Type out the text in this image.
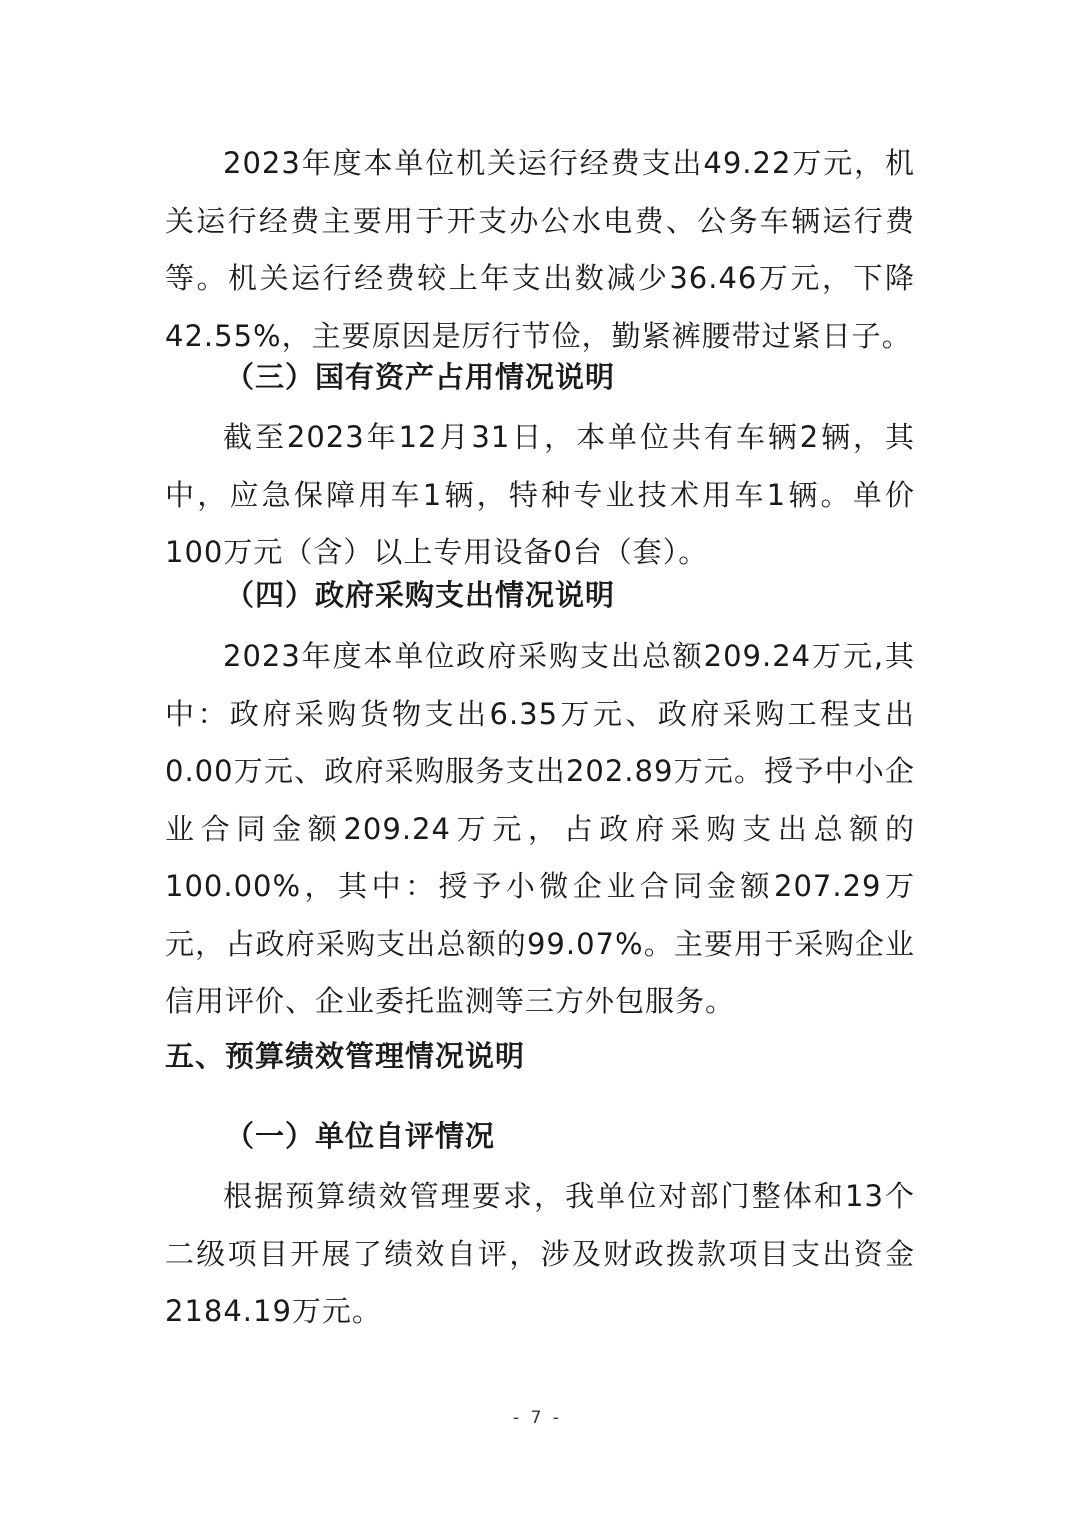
2023年度本单位机关运行经费支出49.22万元，机关运行经费主要用于开支办公水电费、公务车辆运行费等。机关运行经费较上年支出数减少36.46万元，下降42.55%，主要原因是厉行节俭，勤紧裤腰带过紧日子。

（三）国有资产占用情况说明

截至2023年12月31日，本单位共有车辆2辆，其中，应急保障用车1辆，特种专业技术用车1辆。单价100万元（含）以上专用设备0台（套）。

（四）政府采购支出情况说明

2023年度本单位政府采购支出总额209.24万元,其中：政府采购货物支出6.35万元、政府采购工程支出0.00万元、政府采购服务支出202.89万元。授予中小企业合同金额209.24万元，占政府采购支出总额的100.00%，其中：授予小微企业合同金额207.29万元，占政府采购支出总额的99.07%。主要用于采购企业信用评价、企业委托监测等三方外包服务。

五、预算绩效管理情况说明
（一）单位自评情况

根据预算绩效管理要求，我单位对部门整体和13个二级项目开展了绩效自评，涉及财政拨款项目支出资金2184.19万元。

- 7 -
